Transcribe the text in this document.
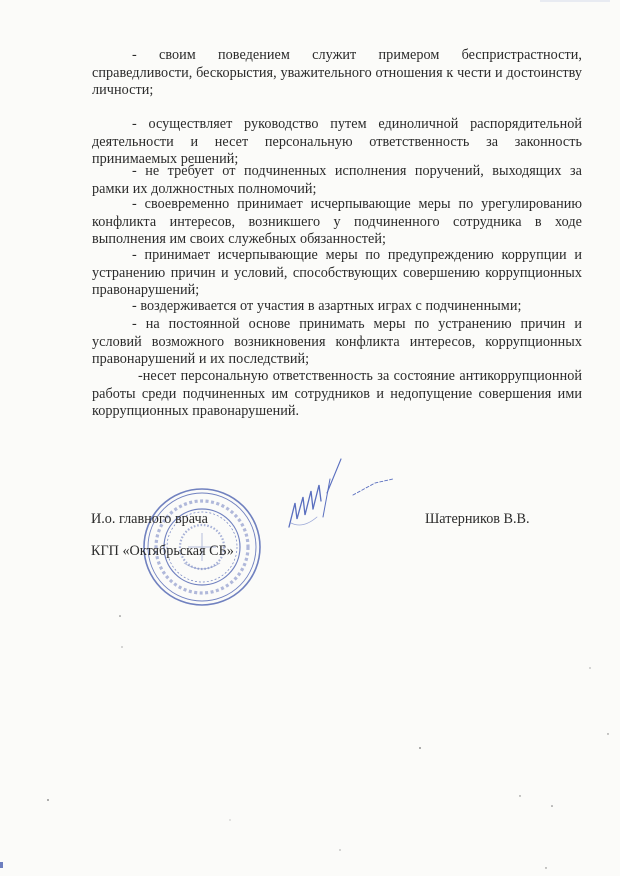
- своим поведением служит примером беспристрастности, справедливости, бескорыстия, уважительного отношения к чести и достоинству личности;

- осуществляет руководство путем единоличной распорядительной деятельности и несет персональную ответственность за законность принимаемых решений;

- не требует от подчиненных исполнения поручений, выходящих за рамки их должностных полномочий;

- своевременно принимает исчерпывающие меры по урегулированию конфликта интересов, возникшего у подчиненного сотрудника в ходе выполнения им своих служебных обязанностей;

- принимает исчерпывающие меры по предупреждению коррупции и устранению причин и условий, способствующих совершению коррупционных правонарушений;

- воздерживается от участия в азартных играх с подчиненными;

- на постоянной основе принимать меры по устранению причин и условий возможного возникновения конфликта интересов, коррупционных правонарушений и их последствий;

-несет персональную ответственность за состояние антикоррупционной работы среди подчиненных им сотрудников и недопущение совершения ими коррупционных правонарушений.

И.о. главного врача

КГП «Октябрьская СБ»

Шатерников В.В.
